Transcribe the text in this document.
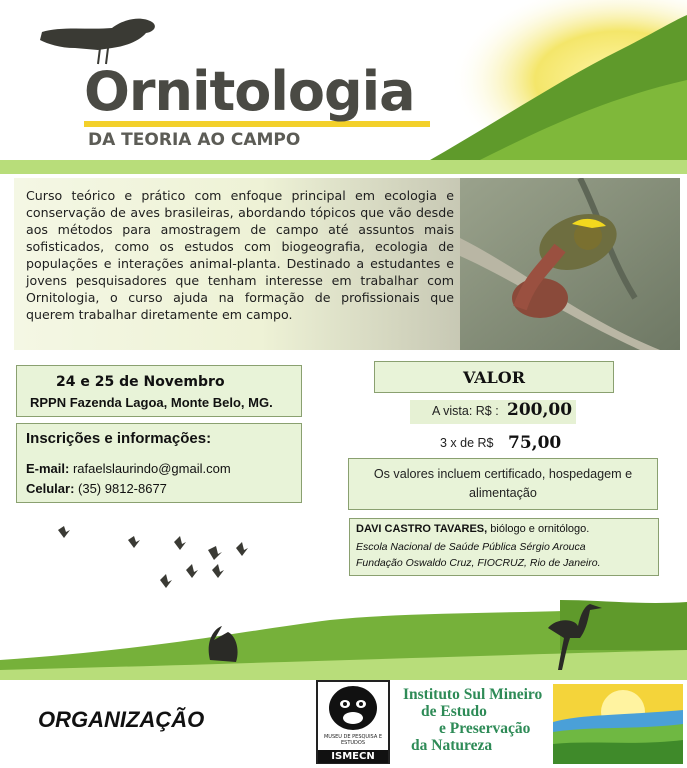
Ornitologia
DA TEORIA AO CAMPO

Curso teórico e prático com enfoque principal em ecologia e conservação de aves brasileiras, abordando tópicos que vão desde aos métodos para amostragem de campo até assuntos mais sofisticados, como os estudos com biogeografia, ecologia de populações e interações animal-planta. Destinado a estudantes e jovens pesquisadores que tenham interesse em trabalhar com Ornitologia, o curso ajuda na formação de profissionais que querem trabalhar diretamente em campo.

24 e 25 de Novembro
RPPN Fazenda Lagoa, Monte Belo, MG.
Inscrições e informações:
E-mail: rafaelslaurindo@gmail.com
Celular: (35) 9812-8677
VALOR
A vista: R$ : 200,00
3 x de R$ 75,00
Os valores incluem certificado, hospedagem e alimentação
DAVI CASTRO TAVARES, biólogo e ornitólogo.
Escola Nacional de Saúde Pública Sérgio Arouca
Fundação Oswaldo Cruz, FIOCRUZ, Rio de Janeiro.
ORGANIZAÇÃO
MUSEU DE PESQUISA E ESTUDOS
ISMECN
Instituto Sul Mineiro
de Estudo
e Preservação
da Natureza
